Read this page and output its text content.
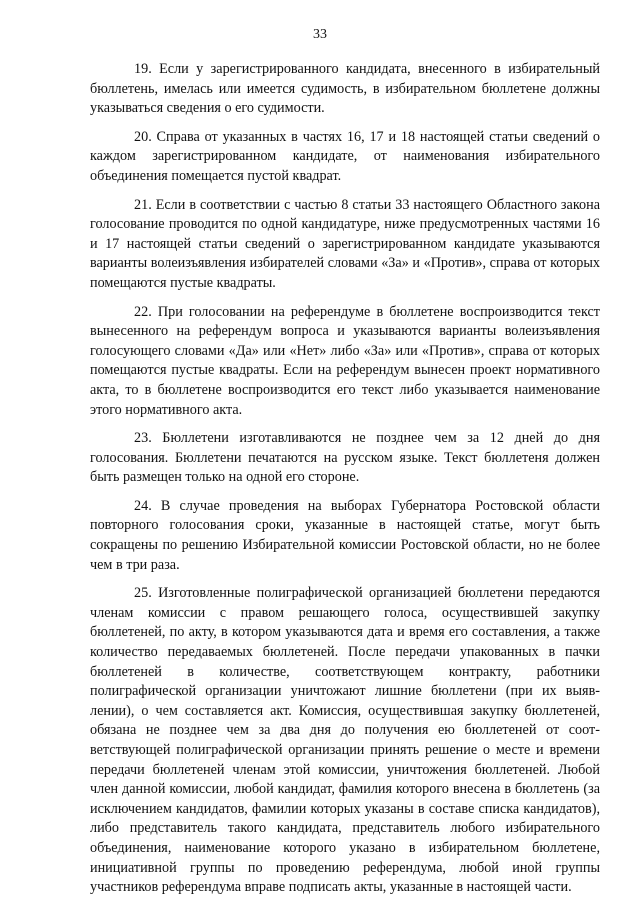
33

19. Если у зарегистрированного кандидата, внесенного в избирательный бюллетень, имелась или имеется судимость, в избирательном бюллетене должны указываться сведения о его судимости.

20. Справа от указанных в частях 16, 17 и 18 настоящей статьи сведений о каждом зарегистрированном кандидате, от наименования избирательного объединения помещается пустой квадрат.

21. Если в соответствии с частью 8 статьи 33 настоящего Областного закона голосование проводится по одной кандидатуре, ниже предусмотренных частями 16 и 17 настоящей статьи сведений о зарегистрированном кандидате указываются варианты волеизъявления избирателей словами «За» и «Против», справа от которых помещаются пустые квадраты.

22. При голосовании на референдуме в бюллетене воспроизводится текст вынесенного на референдум вопроса и указываются варианты волеизъявления голосующего словами «Да» или «Нет» либо «За» или «Против», справа от которых помещаются пустые квадраты. Если на референдум вынесен проект нормативного акта, то в бюллетене воспроизводится его текст либо указывается наименование этого нормативного акта.

23. Бюллетени изготавливаются не позднее чем за 12 дней до дня голосования. Бюллетени печатаются на русском языке. Текст бюллетеня должен быть размещен только на одной его стороне.

24. В случае проведения на выборах Губернатора Ростовской области повторного голосования сроки, указанные в настоящей статье, могут быть сокращены по решению Избирательной комиссии Ростовской области, но не более чем в три раза.

25. Изготовленные полиграфической организацией бюллетени передаются членам комиссии с правом решающего голоса, осуществившей закупку бюллетеней, по акту, в котором указываются дата и время его составления, а также количество передаваемых бюллетеней. После передачи упакованных в пачки бюллетеней в количестве, соответствующем контракту, работники полиграфической организации уничтожают лишние бюллетени (при их выявлении), о чем составляется акт. Комиссия, осуществившая закупку бюллетеней, обязана не позднее чем за два дня до получения ею бюллетеней от соответствующей полиграфической организации принять решение о месте и времени передачи бюллетеней членам этой комиссии, уничтожения бюллетеней. Любой член данной комиссии, любой кандидат, фамилия которого внесена в бюллетень (за исключением кандидатов, фамилии которых указаны в составе списка кандидатов), либо представитель такого кандидата, представитель любого избирательного объединения, наименование которого указано в избирательном бюллетене, инициативной группы по проведению референдума, любой иной группы участников референдума вправе подписать акты, указанные в настоящей части.
